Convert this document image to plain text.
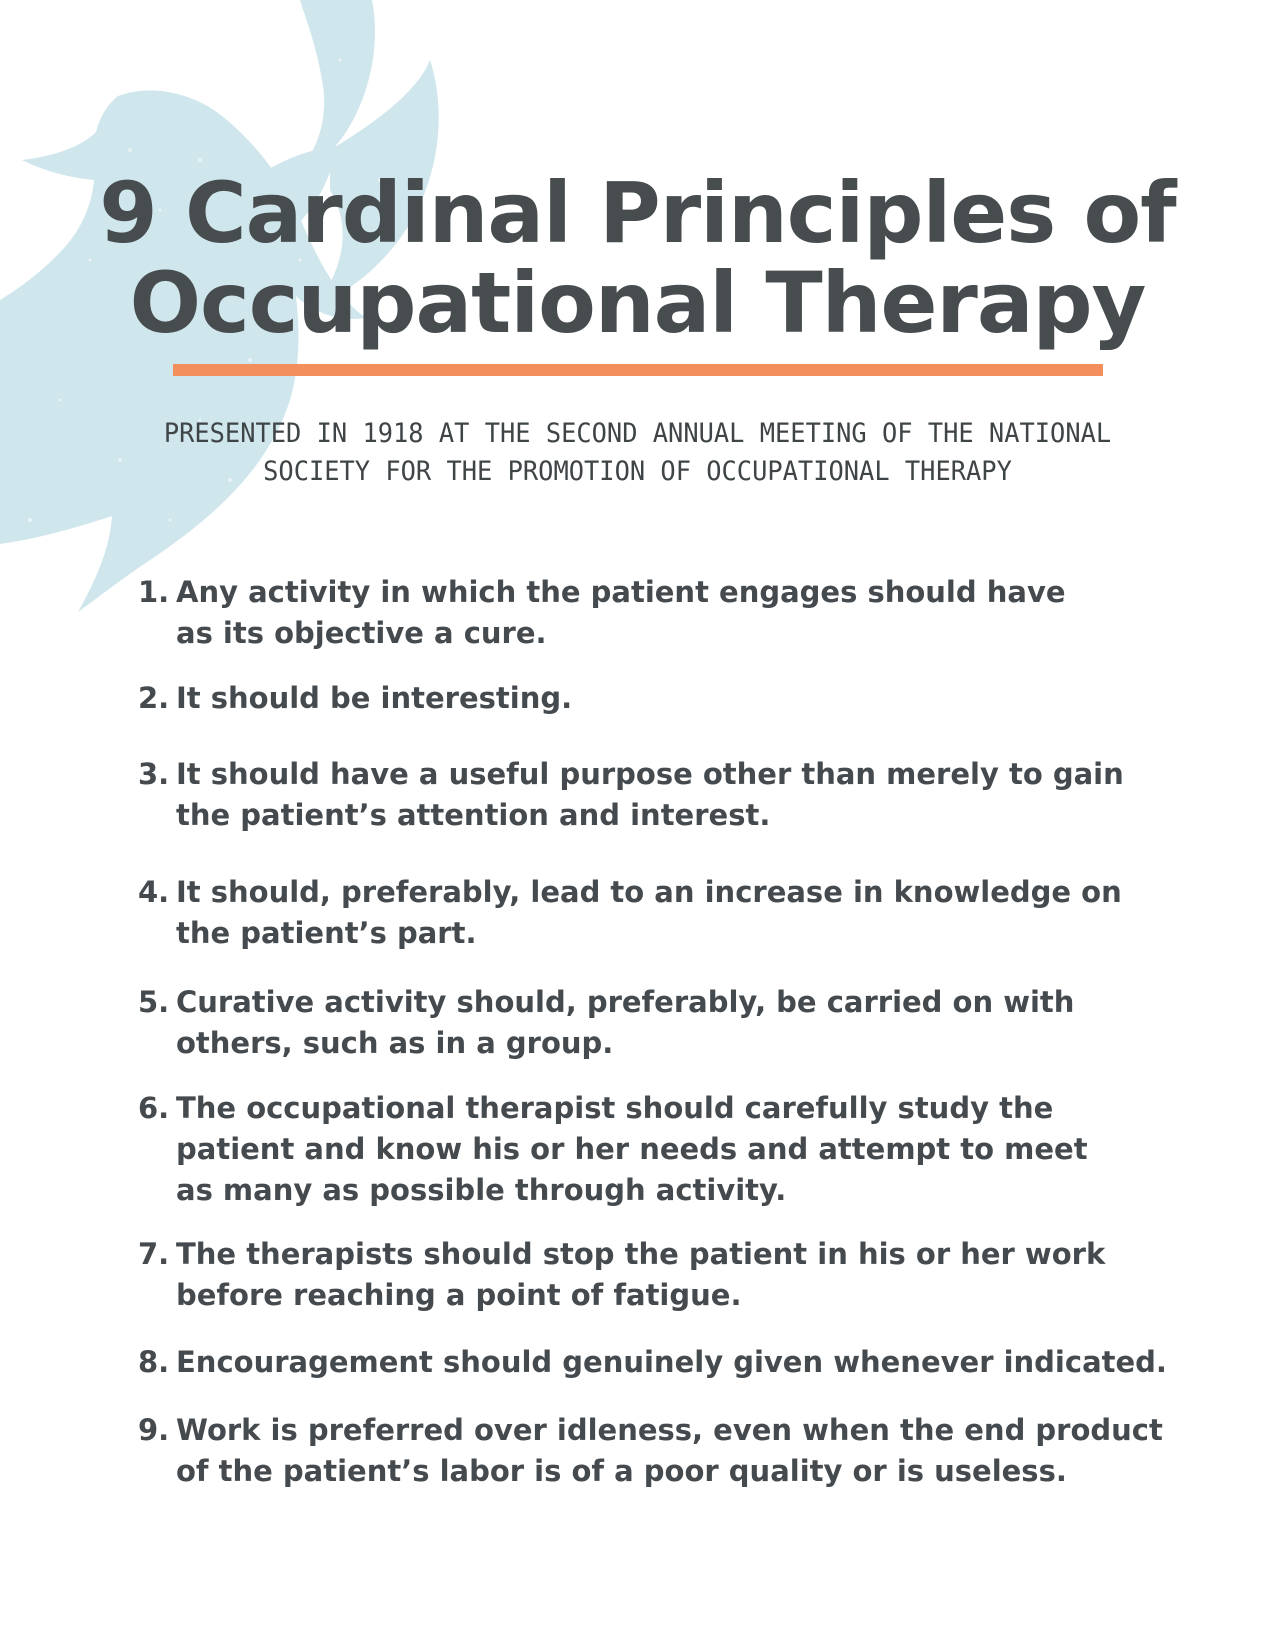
9 Cardinal Principles of
Occupational Therapy
PRESENTED IN 1918 AT THE SECOND ANNUAL MEETING OF THE NATIONAL
SOCIETY FOR THE PROMOTION OF OCCUPATIONAL THERAPY
1. Any activity in which the patient engages should have
as its objective a cure.
2. It should be interesting.
3. It should have a useful purpose other than merely to gain
the patient’s attention and interest.
4. It should, preferably, lead to an increase in knowledge on
the patient’s part.
5. Curative activity should, preferably, be carried on with
others, such as in a group.
6. The occupational therapist should carefully study the
patient and know his or her needs and attempt to meet
as many as possible through activity.
7. The therapists should stop the patient in his or her work
before reaching a point of fatigue.
8. Encouragement should genuinely given whenever indicated.
9. Work is preferred over idleness, even when the end product
of the patient’s labor is of a poor quality or is useless.
